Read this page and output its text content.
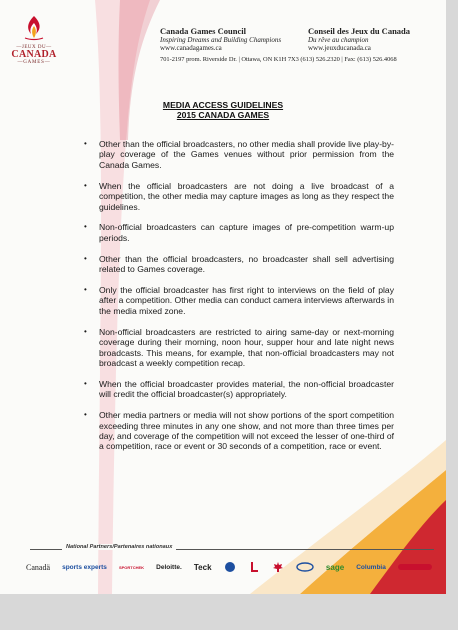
—JEUX DU—
CANADA
—GAMES—
Canada Games Council
Inspiring Dreams and Building Champions
www.canadagames.ca
Conseil des Jeux du Canada
Du rêve au champion
www.jeuxducanada.ca
701-2197 prom. Riverside Dr. | Ottawa, ON K1H 7X3 (613) 526.2320 | Fax: (613) 526.4068
MEDIA ACCESS GUIDELINES
2015 CANADA GAMES
• Other than the official broadcasters, no other media shall provide live play-by-play coverage of the Games venues without prior permission from the Canada Games.
• When the official broadcasters are not doing a live broadcast of a competition, the other media may capture images as long as they respect the guidelines.
• Non-official broadcasters can capture images of pre-competition warm-up periods.
• Other than the official broadcasters, no broadcaster shall sell advertising related to Games coverage.
• Only the official broadcaster has first right to interviews on the field of play after a competition. Other media can conduct camera interviews afterwards in the media mixed zone.
• Non-official broadcasters are restricted to airing same-day or next-morning coverage during their morning, noon hour, supper hour and late night news broadcasts. This means, for example, that non-official broadcasters may not broadcast a weekly competition recap.
• When the official broadcaster provides material, the non-official broadcaster will credit the official broadcaster(s) appropriately.
• Other media partners or media will not show portions of the sport competition exceeding three minutes in any one show, and not more than three times per day, and coverage of the competition will not exceed the lesser of one-third of a competition, race or event or 30 seconds of a competition, race or event.
National Partners/Partenaires nationaux
Canadä sports experts	SPORTCHEK Deloitte. Teck	sage Columbia
